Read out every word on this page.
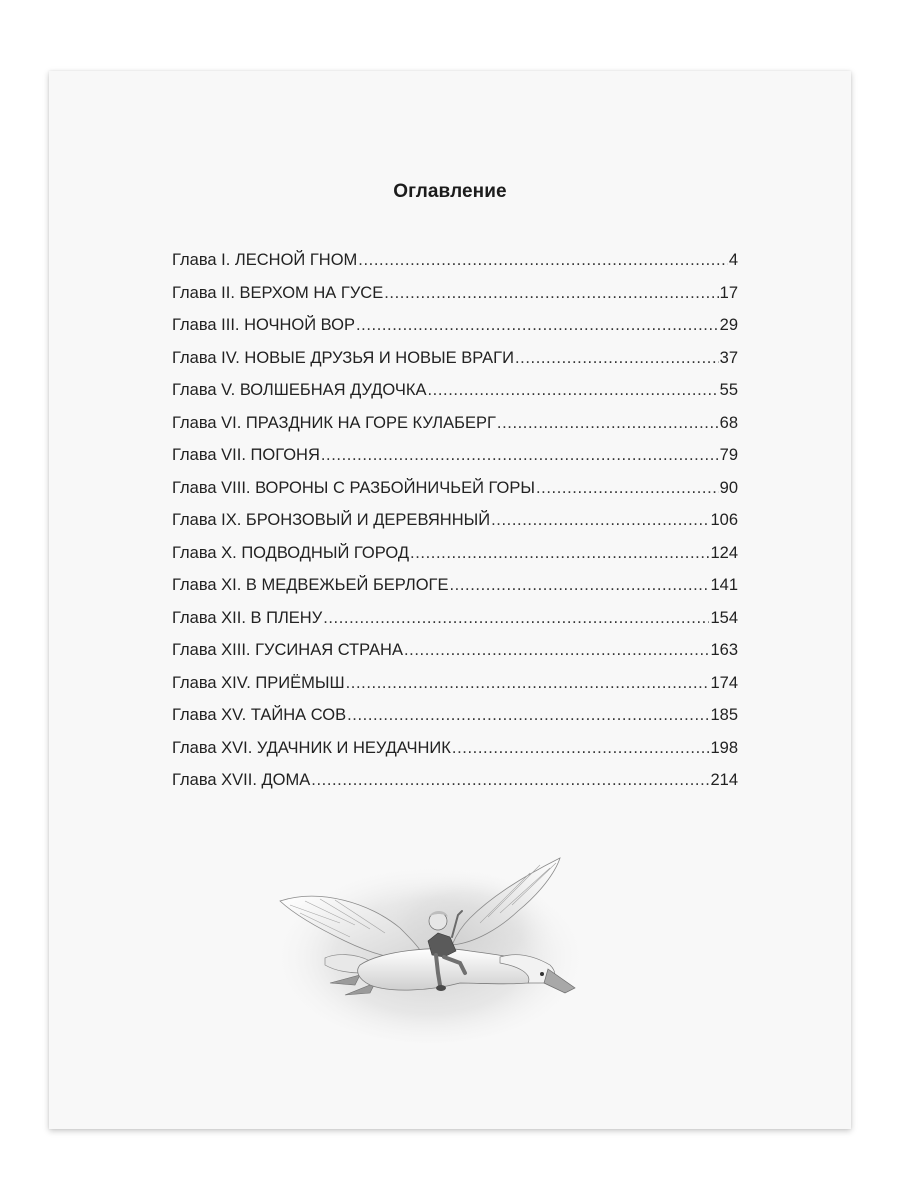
Оглавление
Глава I. ЛЕСНОЙ ГНОМ .....	4
Глава II. ВЕРХОМ НА ГУСЕ .....	17
Глава III. НОЧНОЙ ВОР .....	29
Глава IV. НОВЫЕ ДРУЗЬЯ И НОВЫЕ ВРАГИ .....	37
Глава V. ВОЛШЕБНАЯ ДУДОЧКА .....	55
Глава VI. ПРАЗДНИК НА ГОРЕ КУЛАБЕРГ .....	68
Глава VII. ПОГОНЯ .....	79
Глава VIII. ВОРОНЫ С РАЗБОЙНИЧЬЕЙ ГОРЫ .....	90
Глава IX. БРОНЗОВЫЙ И ДЕРЕВЯННЫЙ .....	106
Глава X. ПОДВОДНЫЙ ГОРОД .....	124
Глава XI. В МЕДВЕЖЬЕЙ БЕРЛОГЕ .....	141
Глава XII. В ПЛЕНУ .....	154
Глава XIII. ГУСИНАЯ СТРАНА .....	163
Глава XIV. ПРИЁМЫШ .....	174
Глава XV. ТАЙНА СОВ .....	185
Глава XVI. УДАЧНИК И НЕУДАЧНИК .....	198
Глава XVII. ДОМА .....	214
